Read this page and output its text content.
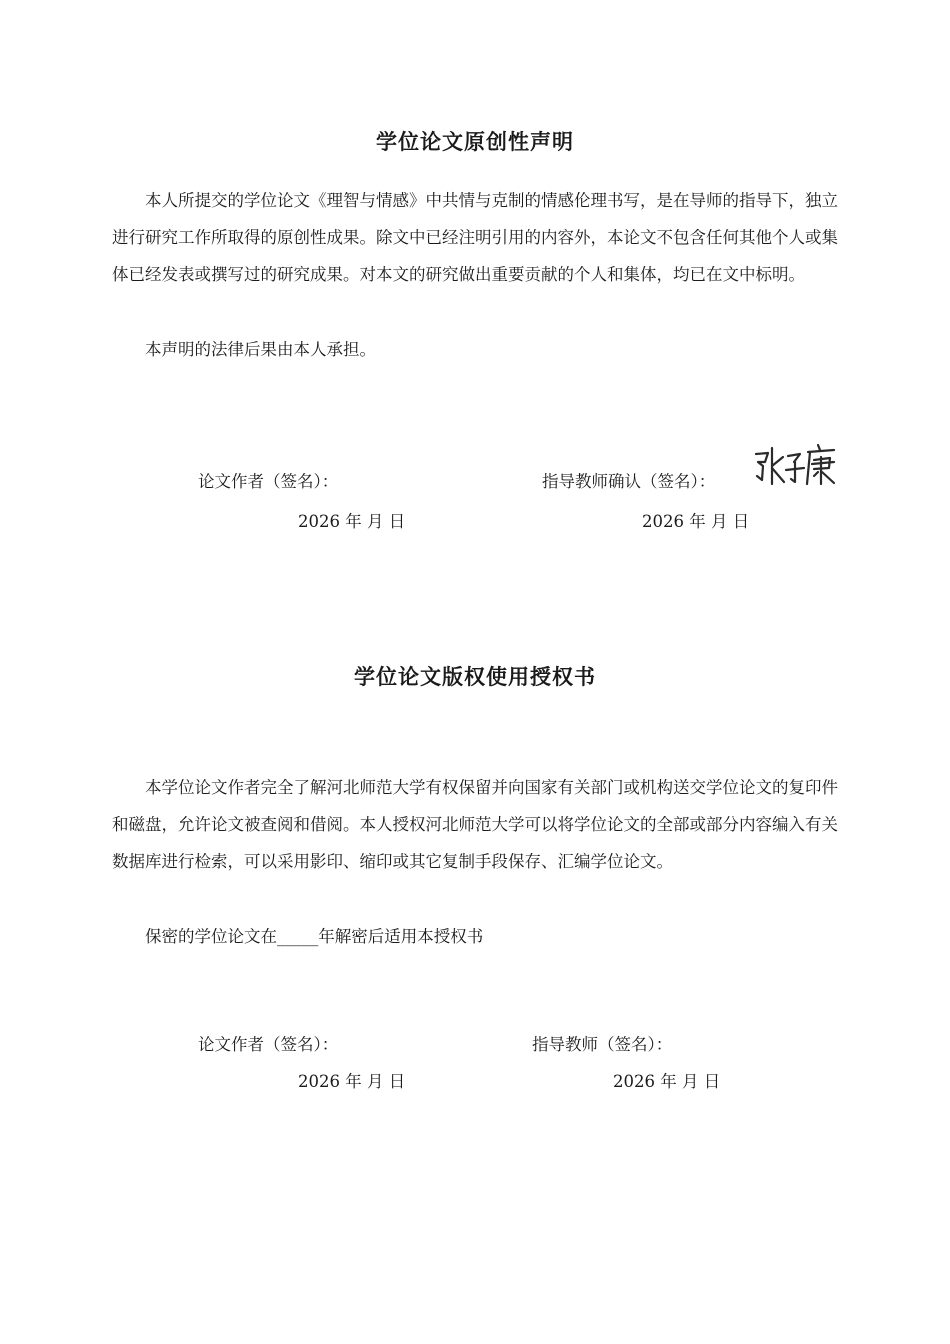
学位论文原创性声明
本人所提交的学位论文《理智与情感》中共情与克制的情感伦理书写，是在导师的指导下，独立进行研究工作所取得的原创性成果。除文中已经注明引用的内容外，本论文不包含任何其他个人或集体已经发表或撰写过的研究成果。对本文的研究做出重要贡献的个人和集体，均已在文中标明。
本声明的法律后果由本人承担。
论文作者（签名）：	指导教师确认（签名）：
2026 年 月 日	2026 年 月 日
学位论文版权使用授权书
本学位论文作者完全了解河北师范大学有权保留并向国家有关部门或机构送交学位论文的复印件和磁盘，允许论文被查阅和借阅。本人授权河北师范大学可以将学位论文的全部或部分内容编入有关数据库进行检索，可以采用影印、缩印或其它复制手段保存、汇编学位论文。
保密的学位论文在_____年解密后适用本授权书
论文作者（签名）：	指导教师（签名）：
2026 年 月 日	2026 年 月 日
